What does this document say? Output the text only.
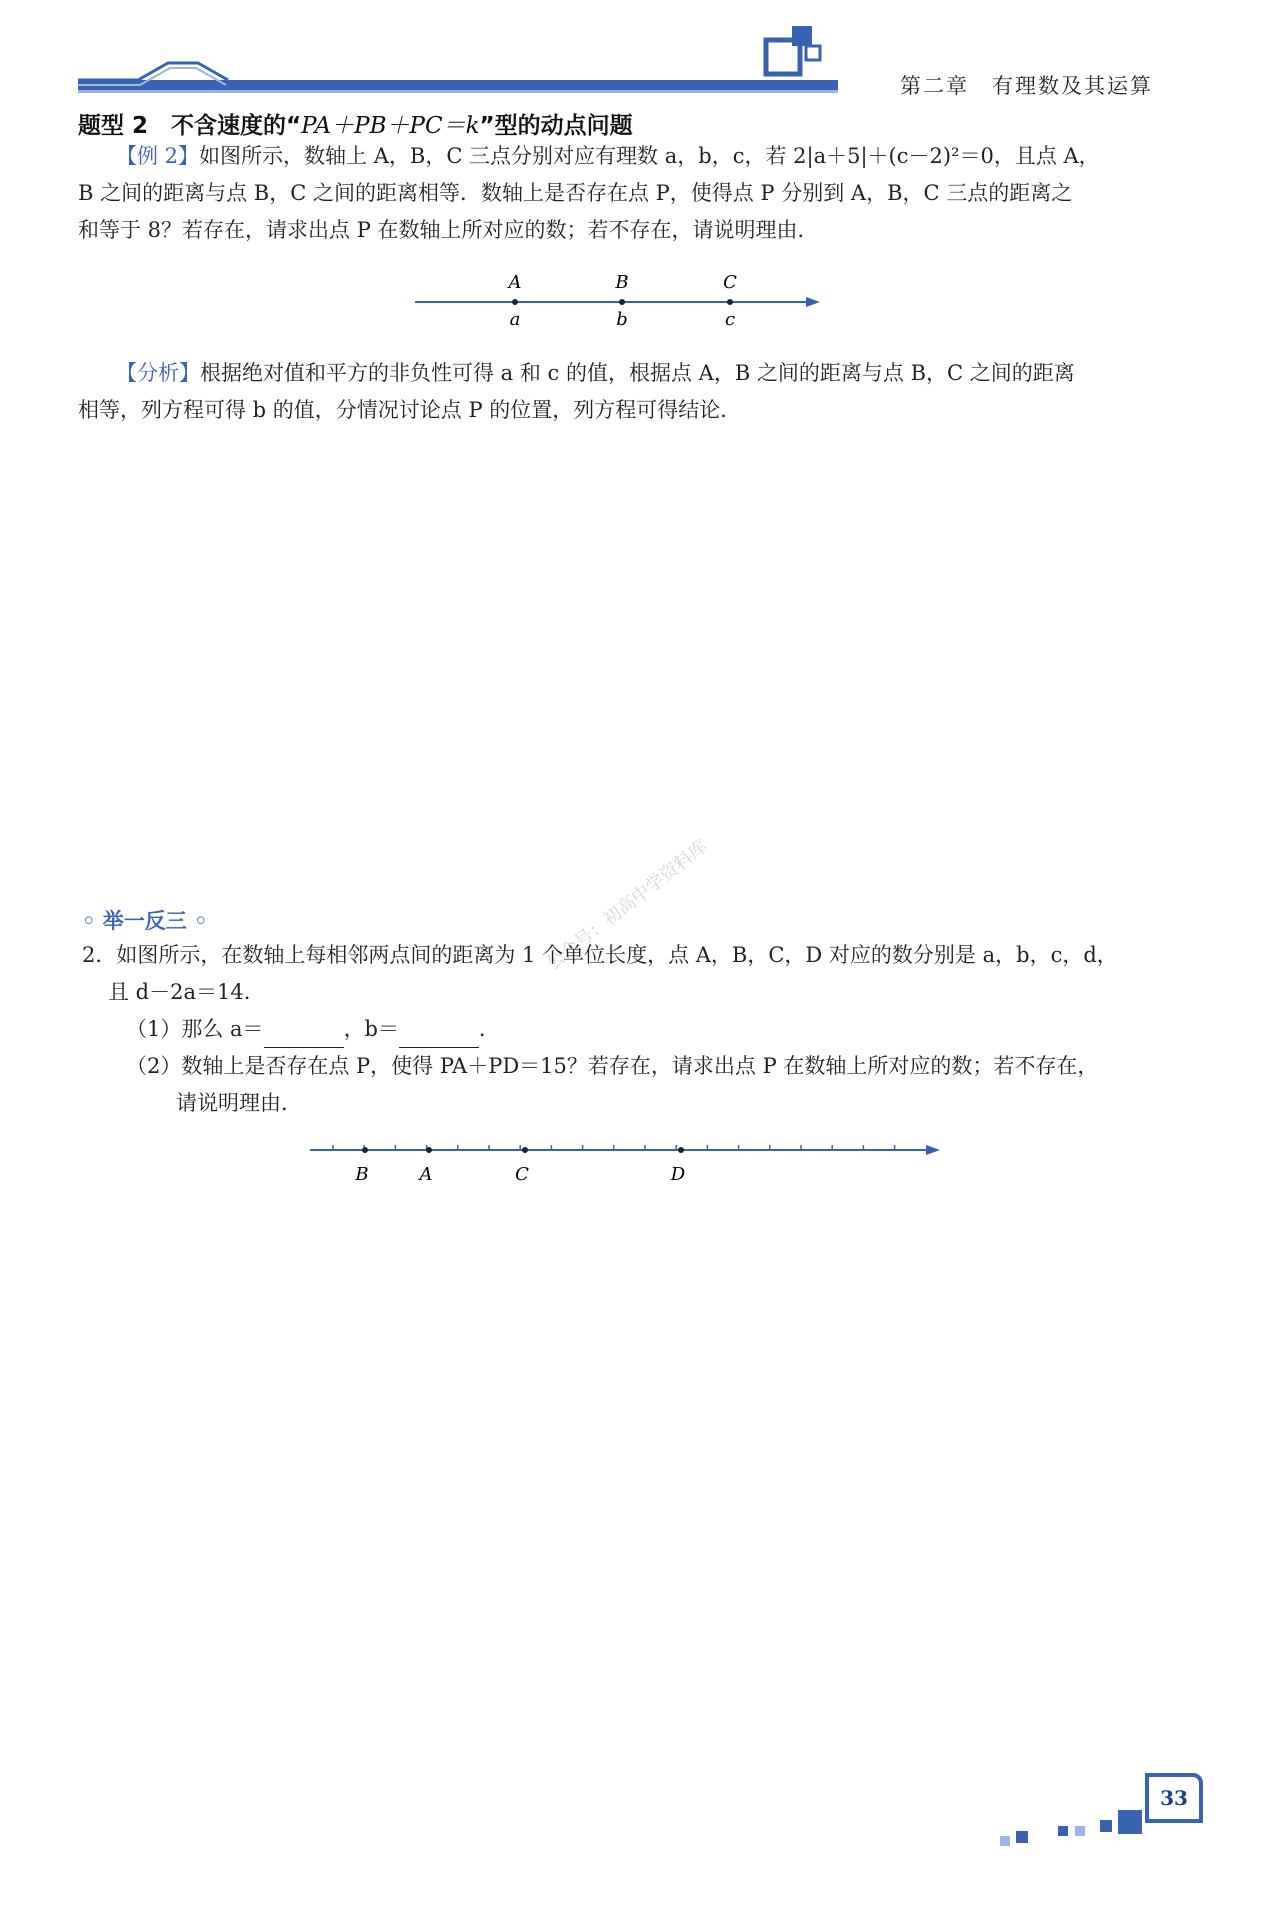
第二章　有理数及其运算
题型 2　不含速度的“PA＋PB＋PC＝k”型的动点问题
【例 2】如图所示，数轴上 A，B，C 三点分别对应有理数 a，b，c，若 2|a＋5|＋(c－2)²＝0，且点 A，
B 之间的距离与点 B，C 之间的距离相等．数轴上是否存在点 P，使得点 P 分别到 A，B，C 三点的距离之
和等于 8？若存在，请求出点 P 在数轴上所对应的数；若不存在，请说明理由．
A
a
B
b
C
c
【分析】根据绝对值和平方的非负性可得 a 和 c 的值，根据点 A，B 之间的距离与点 B，C 之间的距离
相等，列方程可得 b 的值，分情况讨论点 P 的位置，列方程可得结论．
公众号：初高中学资料库
◦ 举一反三 ◦
2．如图所示，在数轴上每相邻两点间的距离为 1 个单位长度，点 A，B，C，D 对应的数分别是 a，b，c，d，
且 d－2a＝14．
（1）那么 a＝	，b＝	．
（2）数轴上是否存在点 P，使得 PA＋PD＝15？若存在，请求出点 P 在数轴上所对应的数；若不存在，
请说明理由．
B	A	C	D
33
